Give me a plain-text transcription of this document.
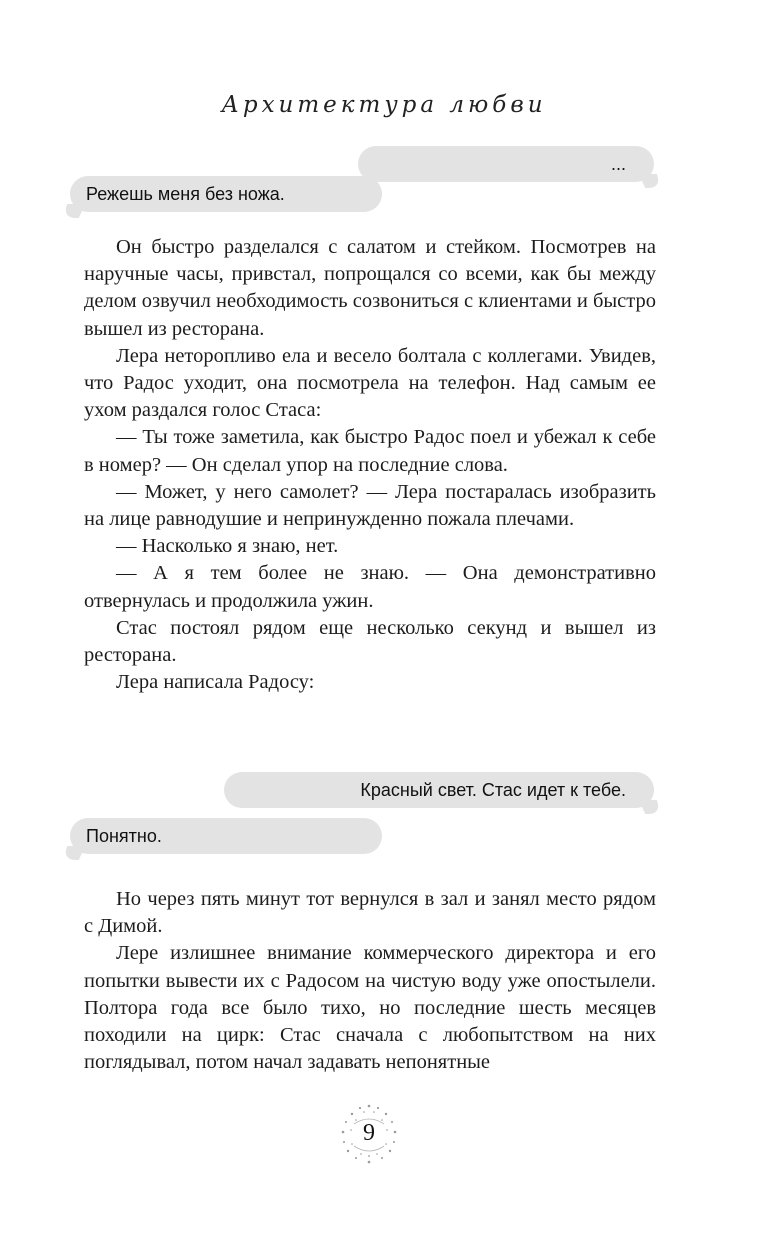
Архитектура любви
...
Режешь меня без ножа.

Он быстро разделался с салатом и стейком. Посмотрев на наручные часы, привстал, попрощался со всеми, как бы между делом озвучил необходимость созвониться с клиентами и быстро вышел из ресторана.

Лера неторопливо ела и весело болтала с коллегами. Увидев, что Радос уходит, она посмотрела на телефон. Над самым ее ухом раздался голос Стаса:

— Ты тоже заметила, как быстро Радос поел и убежал к себе в номер? — Он сделал упор на последние слова.

— Может, у него самолет? — Лера постаралась изобразить на лице равнодушие и непринужденно пожала плечами.

— Насколько я знаю, нет.

— А я тем более не знаю. — Она демонстративно отвернулась и продолжила ужин.

Стас постоял рядом еще несколько секунд и вышел из ресторана.

Лера написала Радосу:

Красный свет. Стас идет к тебе.
Понятно.

Но через пять минут тот вернулся в зал и занял место рядом с Димой.

Лере излишнее внимание коммерческого директора и его попытки вывести их с Радосом на чистую воду уже опостылели. Полтора года все было тихо, но последние шесть месяцев походили на цирк: Стас сначала с любопытством на них поглядывал, потом начал задавать непонятные

9
